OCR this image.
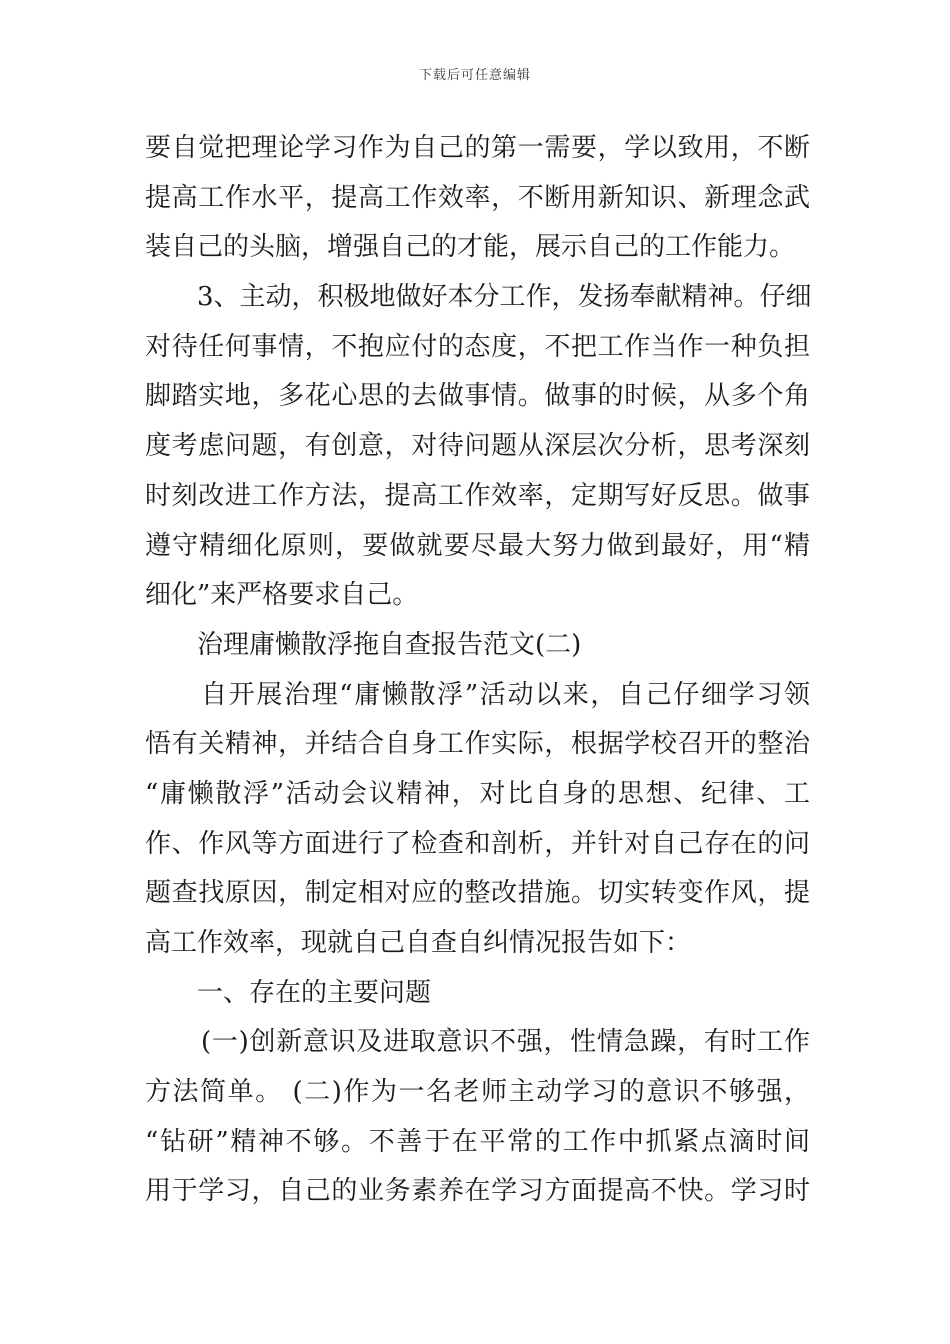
下载后可任意编辑
要自觉把理论学习作为自己的第一需要，学以致用，不断
提高工作水平，提高工作效率，不断用新知识、新理念武
装自己的头脑，增强自己的才能，展示自己的工作能力。
3、主动，积极地做好本分工作，发扬奉献精神。仔细
对待任何事情，不抱应付的态度，不把工作当作一种负担
脚踏实地，多花心思的去做事情。做事的时候，从多个角
度考虑问题，有创意，对待问题从深层次分析，思考深刻
时刻改进工作方法，提高工作效率，定期写好反思。做事
遵守精细化原则，要做就要尽最大努力做到最好，用“精
细化”来严格要求自己。
治理庸懒散浮拖自查报告范文(二)
自开展治理“庸懒散浮”活动以来，自己仔细学习领
悟有关精神，并结合自身工作实际，根据学校召开的整治
“庸懒散浮”活动会议精神，对比自身的思想、纪律、工
作、作风等方面进行了检查和剖析，并针对自己存在的问
题查找原因，制定相对应的整改措施。切实转变作风，提
高工作效率，现就自己自查自纠情况报告如下：
一、存在的主要问题
(一)创新意识及进取意识不强，性情急躁，有时工作
方法简单。 (二)作为一名老师主动学习的意识不够强，
“钻研”精神不够。不善于在平常的工作中抓紧点滴时间
用于学习，自己的业务素养在学习方面提高不快。学习时
